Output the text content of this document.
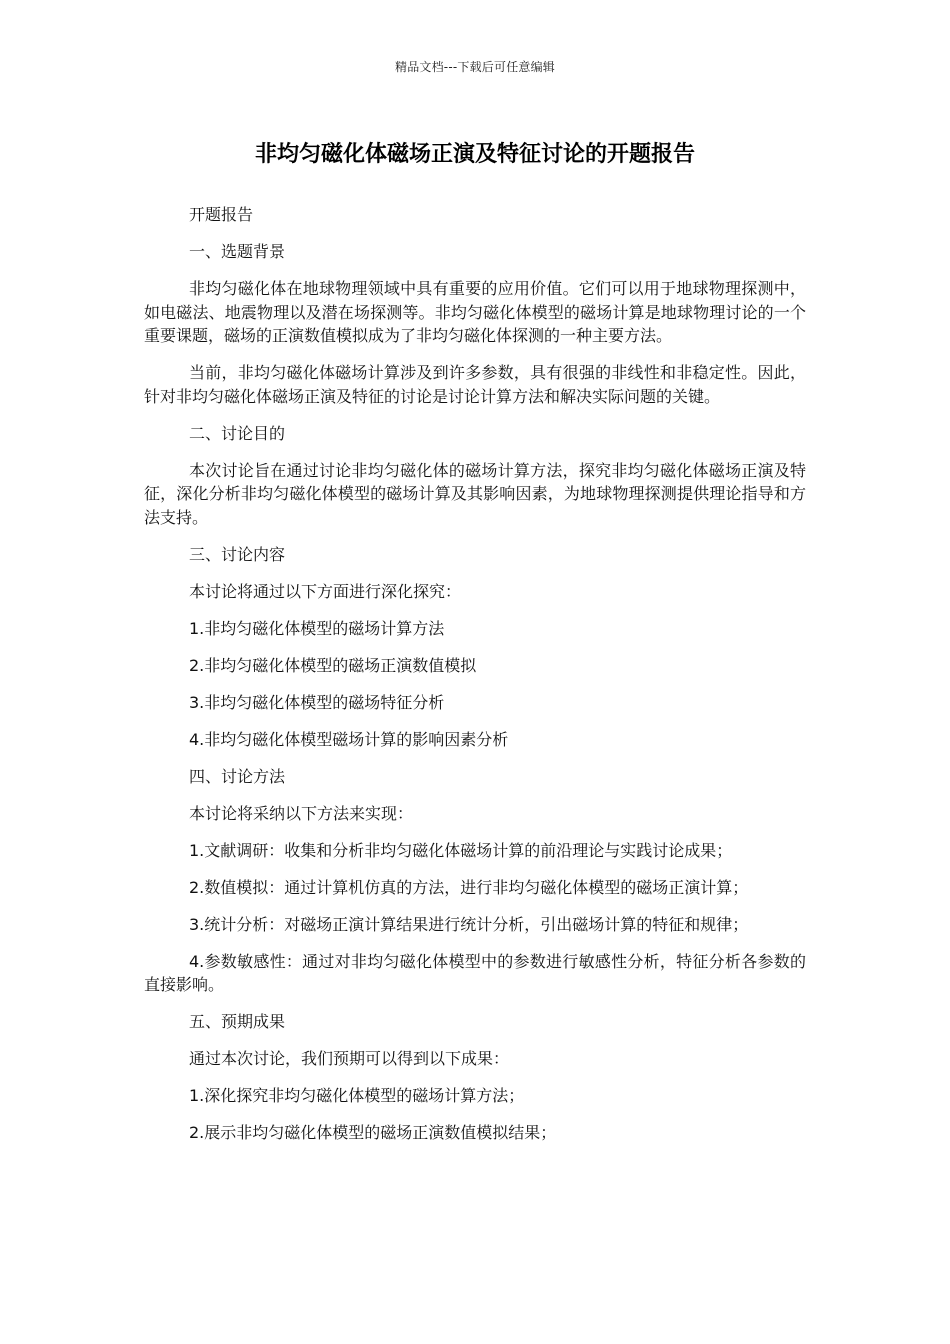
精品文档---下载后可任意编辑
非均匀磁化体磁场正演及特征讨论的开题报告

开题报告

一、选题背景

非均匀磁化体在地球物理领域中具有重要的应用价值。它们可以用于地球物理探测中，如电磁法、地震物理以及潜在场探测等。非均匀磁化体模型的磁场计算是地球物理讨论的一个重要课题，磁场的正演数值模拟成为了非均匀磁化体探测的一种主要方法。

当前，非均匀磁化体磁场计算涉及到许多参数，具有很强的非线性和非稳定性。因此，针对非均匀磁化体磁场正演及特征的讨论是讨论计算方法和解决实际问题的关键。

二、讨论目的

本次讨论旨在通过讨论非均匀磁化体的磁场计算方法，探究非均匀磁化体磁场正演及特征，深化分析非均匀磁化体模型的磁场计算及其影响因素，为地球物理探测提供理论指导和方法支持。

三、讨论内容

本讨论将通过以下方面进行深化探究：

1.非均匀磁化体模型的磁场计算方法

2.非均匀磁化体模型的磁场正演数值模拟

3.非均匀磁化体模型的磁场特征分析

4.非均匀磁化体模型磁场计算的影响因素分析

四、讨论方法

本讨论将采纳以下方法来实现：

1.文献调研：收集和分析非均匀磁化体磁场计算的前沿理论与实践讨论成果；

2.数值模拟：通过计算机仿真的方法，进行非均匀磁化体模型的磁场正演计算；

3.统计分析：对磁场正演计算结果进行统计分析，引出磁场计算的特征和规律；

4.参数敏感性：通过对非均匀磁化体模型中的参数进行敏感性分析，特征分析各参数的直接影响。

五、预期成果

通过本次讨论，我们预期可以得到以下成果：

1.深化探究非均匀磁化体模型的磁场计算方法；

2.展示非均匀磁化体模型的磁场正演数值模拟结果；
